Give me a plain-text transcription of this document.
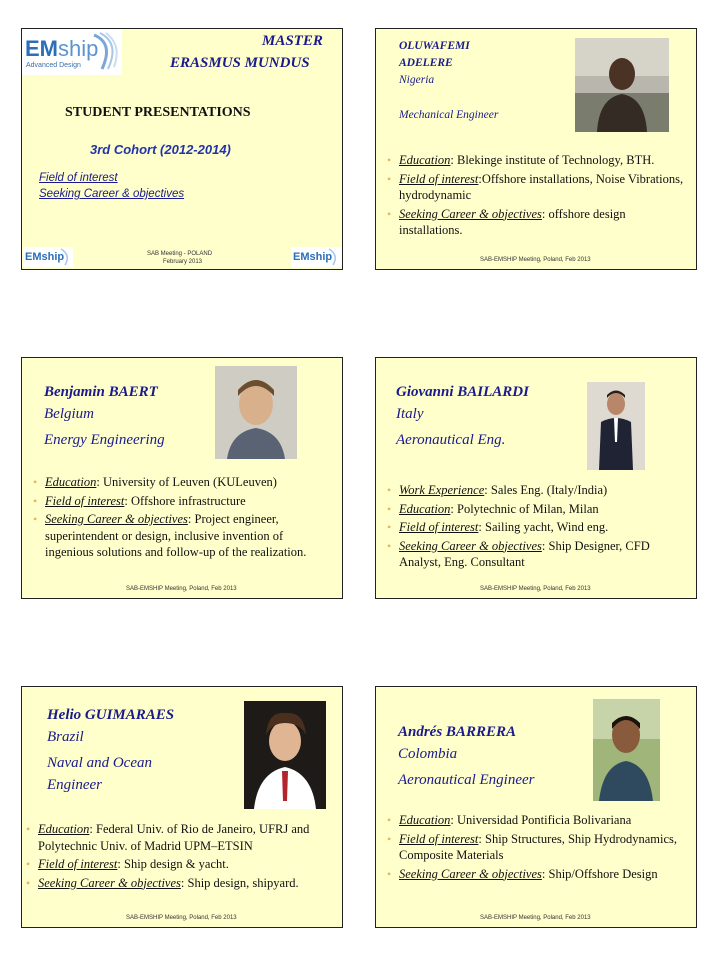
EMship
Advanced Design

MASTER

ERASMUS MUNDUS

STUDENT PRESENTATIONS

3rd Cohort (2012-2014)

Field of interest

Seeking Career & objectives

EMship	SAB Meeting - POLAND
February 2013	EMship

OLUWAFEMI

ADELERE

Nigeria

Mechanical Engineer

• Education: Blekinge institute of Technology, BTH.
• Field of interest:Offshore installations, Noise Vibrations, hydrodynamic
• Seeking Career & objectives: offshore design installations.
SAB-EMSHIP Meeting, Poland, Feb 2013

Benjamin BAERT

Belgium

Energy Engineering

• Education: University of Leuven (KULeuven)
• Field of interest: Offshore infrastructure
• Seeking Career & objectives: Project engineer, superintendent or design, inclusive invention of ingenious solutions and follow-up of the realization.
SAB-EMSHIP Meeting, Poland, Feb 2013

Giovanni BAILARDI

Italy

Aeronautical Eng.

• Work Experience: Sales Eng. (Italy/India)
• Education: Polytechnic of Milan, Milan
• Field of interest: Sailing yacht, Wind eng.
• Seeking Career & objectives: Ship Designer, CFD Analyst, Eng. Consultant
SAB-EMSHIP Meeting, Poland, Feb 2013

Helio GUIMARAES

Brazil

Naval and Ocean

Engineer

• Education: Federal Univ. of Rio de Janeiro, UFRJ and Polytechnic Univ. of Madrid UPM–ETSIN
• Field of interest: Ship design & yacht.
• Seeking Career & objectives: Ship design, shipyard.
SAB-EMSHIP Meeting, Poland, Feb 2013

Andrés BARRERA

Colombia

Aeronautical Engineer

• Education: Universidad Pontificia Bolivariana
• Field of interest: Ship Structures, Ship Hydrodynamics, Composite Materials
• Seeking Career & objectives: Ship/Offshore Design
SAB-EMSHIP Meeting, Poland, Feb 2013
